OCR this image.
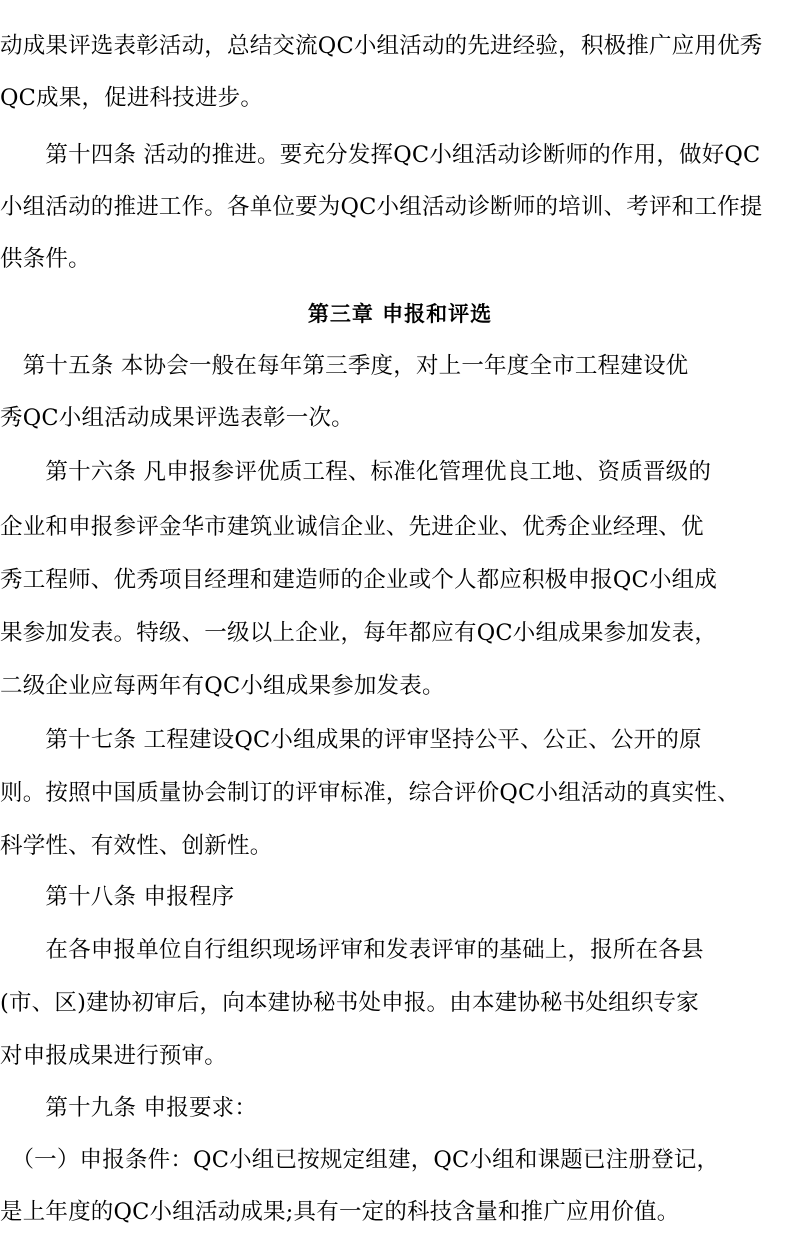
动成果评选表彰活动，总结交流QC小组活动的先进经验，积极推广应用优秀
QC成果，促进科技进步。
　　第十四条 活动的推进。要充分发挥QC小组活动诊断师的作用，做好QC
小组活动的推进工作。各单位要为QC小组活动诊断师的培训、考评和工作提
供条件。
第三章 申报和评选
　第十五条 本协会一般在每年第三季度，对上一年度全市工程建设优
秀QC小组活动成果评选表彰一次。
　　第十六条 凡申报参评优质工程、标准化管理优良工地、资质晋级的
企业和申报参评金华市建筑业诚信企业、先进企业、优秀企业经理、优
秀工程师、优秀项目经理和建造师的企业或个人都应积极申报QC小组成
果参加发表。特级、一级以上企业，每年都应有QC小组成果参加发表，
二级企业应每两年有QC小组成果参加发表。
　　第十七条 工程建设QC小组成果的评审坚持公平、公正、公开的原
则。按照中国质量协会制订的评审标准，综合评价QC小组活动的真实性、
科学性、有效性、创新性。
　　第十八条 申报程序
　　在各申报单位自行组织现场评审和发表评审的基础上，报所在各县
(市、区)建协初审后，向本建协秘书处申报。由本建协秘书处组织专家
对申报成果进行预审。
　　第十九条 申报要求：
　（一）申报条件：QC小组已按规定组建，QC小组和课题已注册登记，
是上年度的QC小组活动成果;具有一定的科技含量和推广应用价值。
